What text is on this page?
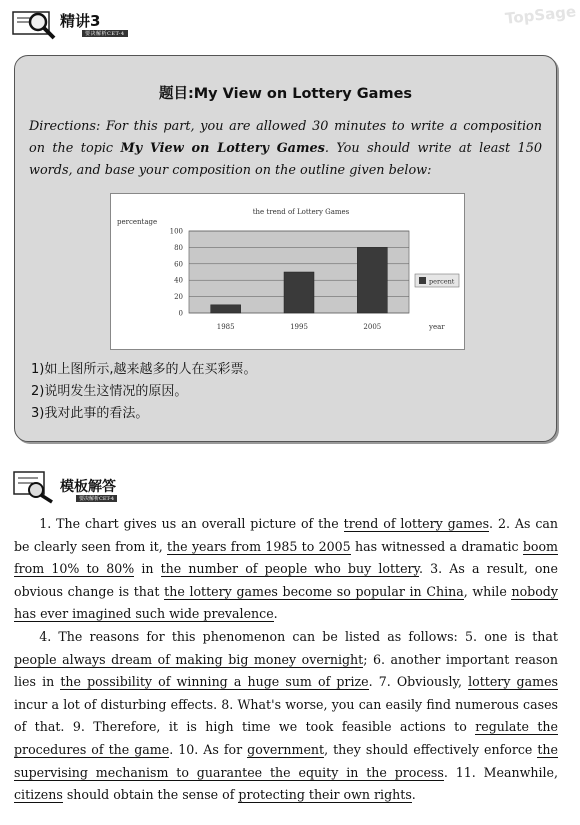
精讲3
要决解析CET-4
TopSage
题目:My View on Lottery Games
Directions: For this part, you are allowed 30 minutes to write a composition on the topic My View on Lottery Games. You should write at least 150 words, and base your composition on the outline given below:
the trend of Lottery Games
percentage
0
20
40
60
80
100
1985	1995	2005	year
percent
1)如上图所示,越来越多的人在买彩票。
2)说明发生这情况的原因。
3)我对此事的看法。
模板解答
要决解析CET-4

1. The chart gives us an overall picture of the trend of lottery games. 2. As can be clearly seen from it, the years from 1985 to 2005 has witnessed a dramatic boom from 10% to 80% in the number of people who buy lottery. 3. As a result, one obvious change is that the lottery games become so popular in China, while nobody has ever imagined such wide prevalence.

4. The reasons for this phenomenon can be listed as follows: 5. one is that people always dream of making big money overnight; 6. another important reason lies in the possibility of winning a huge sum of prize. 7. Obviously, lottery games incur a lot of disturbing effects. 8. What's worse, you can easily find numerous cases of that. 9. Therefore, it is high time we took feasible actions to regulate the procedures of the game. 10. As for government, they should effectively enforce the supervising mechanism to guarantee the equity in the process. 11. Meanwhile, citizens should obtain the sense of protecting their own rights.
